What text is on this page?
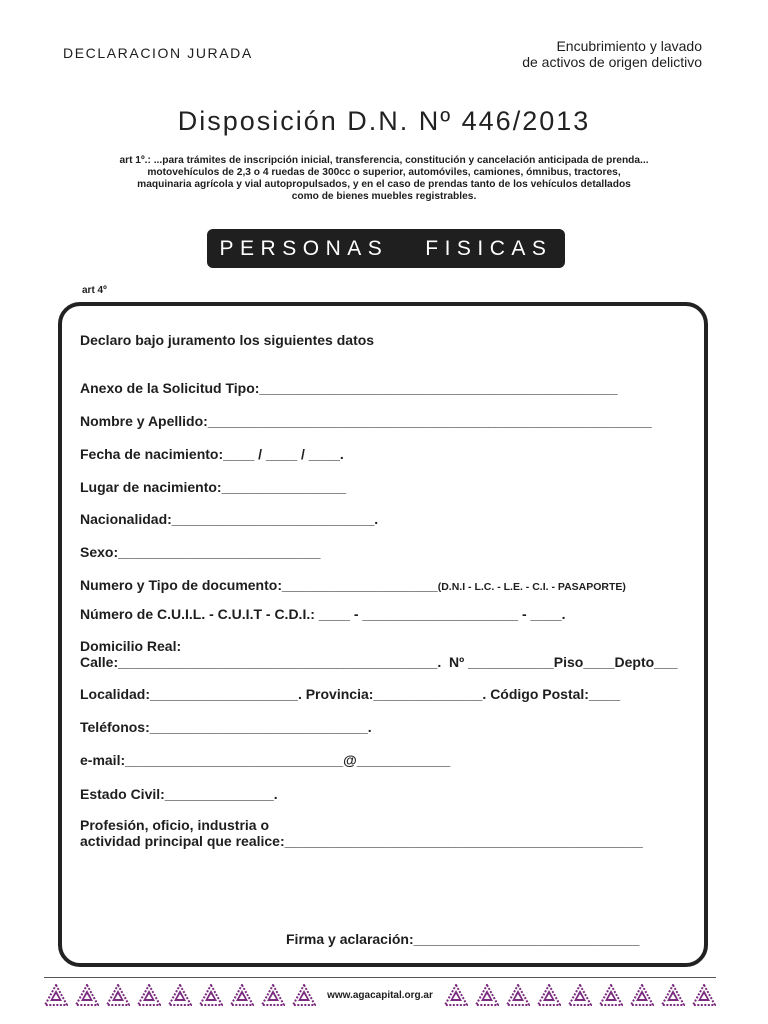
DECLARACION JURADA	Encubrimiento y lavado
de activos de origen delictivo
Disposición D.N. Nº 446/2013
art 1º.: ...para trámites de inscripción inicial, transferencia, constitución y cancelación anticipada de prenda...
motovehículos de 2,3 o 4 ruedas de 300cc o superior, automóviles, camiones, ómnibus, tractores,
maquinaria agrícola y vial autopropulsados, y en el caso de prendas tanto de los vehículos detallados
como de bienes muebles registrables.
PERSONAS   FISICAS
art 4º
Declaro bajo juramento los siguientes datos
Anexo de la Solicitud Tipo:______________________________________________
Nombre y Apellido:_________________________________________________________
Fecha de nacimiento:____ / ____ / ____.
Lugar de nacimiento:________________
Nacionalidad:__________________________.
Sexo:__________________________
Numero y Tipo de documento:____________________(D.N.I - L.C. - L.E. - C.I. - PASAPORTE)
Número de C.U.I.L. - C.U.I.T - C.D.I.: ____ - ____________________ - ____.
Domicilio Real:
Calle:_________________________________________.  Nº ___________Piso____Depto___
Localidad:___________________. Provincia:______________. Código Postal:____
Teléfonos:____________________________.
e-mail:____________________________@____________
Estado Civil:______________.
Profesión, oficio, industria o
actividad principal que realice:______________________________________________
Firma y aclaración:_____________________________
www.agacapital.org.ar
